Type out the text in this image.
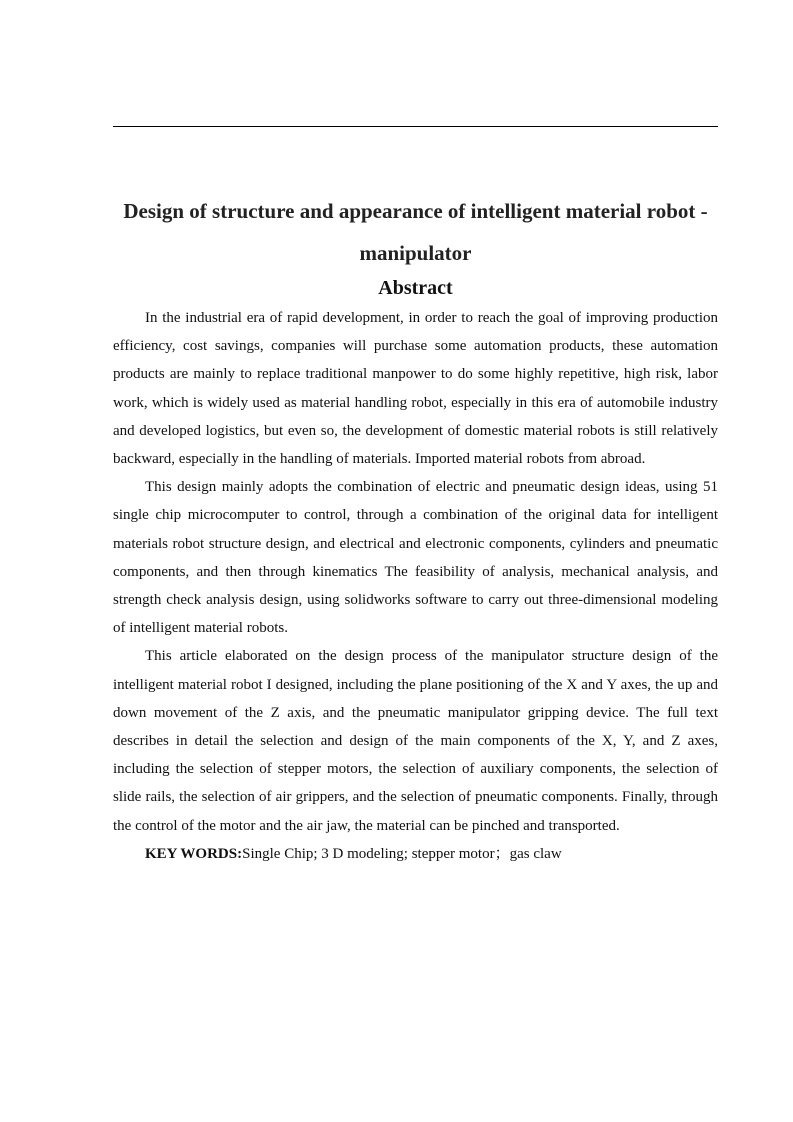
Design of structure and appearance of intelligent material robot - manipulator
Abstract

In the industrial era of rapid development, in order to reach the goal of improving production efficiency, cost savings, companies will purchase some automation products, these automation products are mainly to replace traditional manpower to do some highly repetitive, high risk, labor work, which is widely used as material handling robot, especially in this era of automobile industry and developed logistics, but even so, the development of domestic material robots is still relatively backward, especially in the handling of materials. Imported material robots from abroad.

This design mainly adopts the combination of electric and pneumatic design ideas, using 51 single chip microcomputer to control, through a combination of the original data for intelligent materials robot structure design, and electrical and electronic components, cylinders and pneumatic components, and then through kinematics The feasibility of analysis, mechanical analysis, and strength check analysis design, using solidworks software to carry out three-dimensional modeling of intelligent material robots.

This article elaborated on the design process of the manipulator structure design of the intelligent material robot I designed, including the plane positioning of the X and Y axes, the up and down movement of the Z axis, and the pneumatic manipulator gripping device. The full text describes in detail the selection and design of the main components of the X, Y, and Z axes, including the selection of stepper motors, the selection of auxiliary components, the selection of slide rails, the selection of air grippers, and the selection of pneumatic components. Finally, through the control of the motor and the air jaw, the material can be pinched and transported.

KEY WORDS:Single Chip; 3 D modeling; stepper motor；gas claw
